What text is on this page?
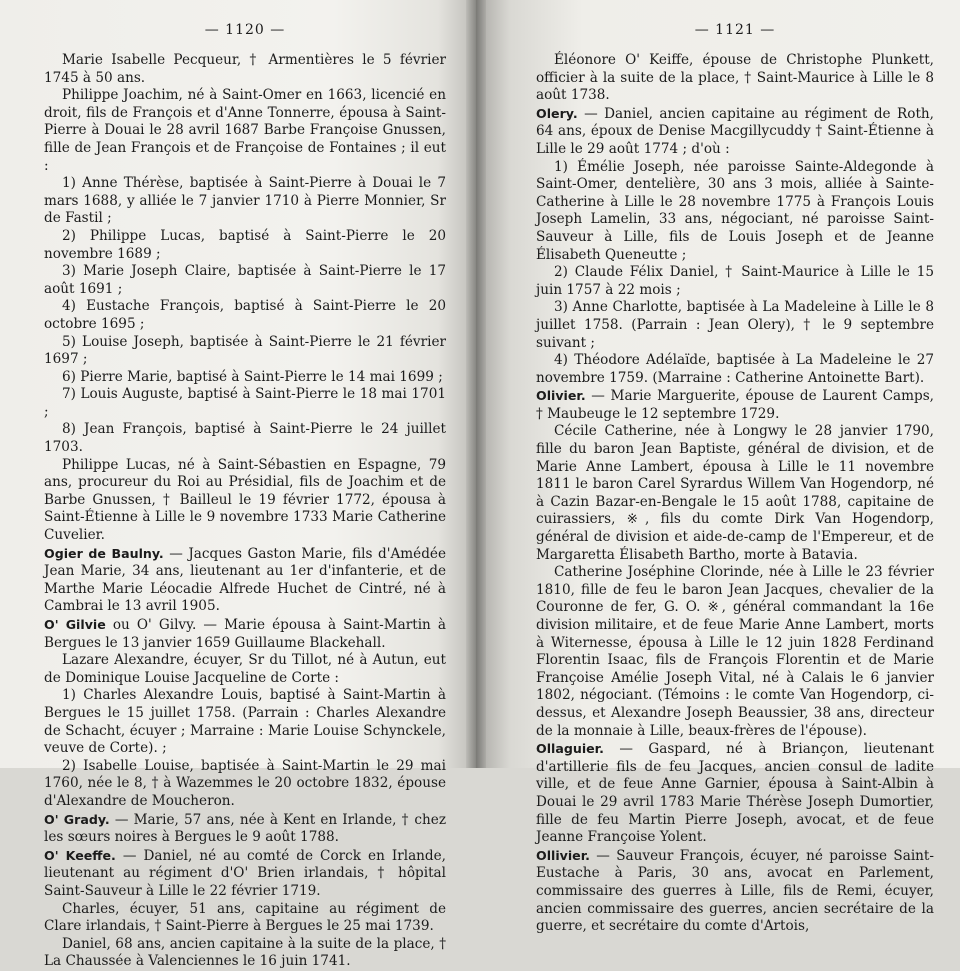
— 1120 —

Marie Isabelle Pecqueur, † Armentières le 5 février 1745 à 50 ans.

Philippe Joachim, né à Saint-Omer en 1663, licencié en droit, fils de François et d'Anne Tonnerre, épousa à Saint-Pierre à Douai le 28 avril 1687 Barbe Françoise Gnussen, fille de Jean François et de Françoise de Fontaines ; il eut :

1) Anne Thérèse, baptisée à Saint-Pierre à Douai le 7 mars 1688, y alliée le 7 janvier 1710 à Pierre Monnier, Sr de Fastil ;

2) Philippe Lucas, baptisé à Saint-Pierre le 20 novembre 1689 ;

3) Marie Joseph Claire, baptisée à Saint-Pierre le 17 août 1691 ;

4) Eustache François, baptisé à Saint-Pierre le 20 octobre 1695 ;

5) Louise Joseph, baptisée à Saint-Pierre le 21 février 1697 ;

6) Pierre Marie, baptisé à Saint-Pierre le 14 mai 1699 ;

7) Louis Auguste, baptisé à Saint-Pierre le 18 mai 1701 ;

8) Jean François, baptisé à Saint-Pierre le 24 juillet 1703.

Philippe Lucas, né à Saint-Sébastien en Espagne, 79 ans, procureur du Roi au Présidial, fils de Joachim et de Barbe Gnussen, † Bailleul le 19 février 1772, épousa à Saint-Étienne à Lille le 9 novembre 1733 Marie Catherine Cuvelier.

Ogier de Baulny. — Jacques Gaston Marie, fils d'Amédée Jean Marie, 34 ans, lieutenant au 1er d'infanterie, et de Marthe Marie Léocadie Alfrede Huchet de Cintré, né à Cambrai le 13 avril 1905.

O' Gilvie ou O' Gilvy. — Marie épousa à Saint-Martin à Bergues le 13 janvier 1659 Guillaume Blackehall.

Lazare Alexandre, écuyer, Sr du Tillot, né à Autun, eut de Dominique Louise Jacqueline de Corte :

1) Charles Alexandre Louis, baptisé à Saint-Martin à Bergues le 15 juillet 1758. (Parrain : Charles Alexandre de Schacht, écuyer ; Marraine : Marie Louise Schynckele, veuve de Corte). ;

2) Isabelle Louise, baptisée à Saint-Martin le 29 mai 1760, née le 8, † à Wazemmes le 20 octobre 1832, épouse d'Alexandre de Moucheron.

O' Grady. — Marie, 57 ans, née à Kent en Irlande, † chez les sœurs noires à Bergues le 9 août 1788.

O' Keeffe. — Daniel, né au comté de Corck en Irlande, lieutenant au régiment d'O' Brien irlandais, † hôpital Saint-Sauveur à Lille le 22 février 1719.

Charles, écuyer, 51 ans, capitaine au régiment de Clare irlandais, † Saint-Pierre à Bergues le 25 mai 1739.

Daniel, 68 ans, ancien capitaine à la suite de la place, † La Chaussée à Valenciennes le 16 juin 1741.

— 1121 —

Éléonore O' Keiffe, épouse de Christophe Plunkett, officier à la suite de la place, † Saint-Maurice à Lille le 8 août 1738.

Olery. — Daniel, ancien capitaine au régiment de Roth, 64 ans, époux de Denise Macgillycuddy † Saint-Étienne à Lille le 29 août 1774 ; d'où :

1) Émélie Joseph, née paroisse Sainte-Aldegonde à Saint-Omer, dentelière, 30 ans 3 mois, alliée à Sainte-Catherine à Lille le 28 novembre 1775 à François Louis Joseph Lamelin, 33 ans, négociant, né paroisse Saint-Sauveur à Lille, fils de Louis Joseph et de Jeanne Élisabeth Queneutte ;

2) Claude Félix Daniel, † Saint-Maurice à Lille le 15 juin 1757 à 22 mois ;

3) Anne Charlotte, baptisée à La Madeleine à Lille le 8 juillet 1758. (Parrain : Jean Olery), † le 9 septembre suivant ;

4) Théodore Adélaïde, baptisée à La Madeleine le 27 novembre 1759. (Marraine : Catherine Antoinette Bart).

Olivier. — Marie Marguerite, épouse de Laurent Camps, † Maubeuge le 12 septembre 1729.

Cécile Catherine, née à Longwy le 28 janvier 1790, fille du baron Jean Baptiste, général de division, et de Marie Anne Lambert, épousa à Lille le 11 novembre 1811 le baron Carel Syrardus Willem Van Hogendorp, né à Cazin Bazar-en-Bengale le 15 août 1788, capitaine de cuirassiers, ※, fils du comte Dirk Van Hogendorp, général de division et aide-de-camp de l'Empereur, et de Margaretta Élisabeth Bartho, morte à Batavia.

Catherine Joséphine Clorinde, née à Lille le 23 février 1810, fille de feu le baron Jean Jacques, chevalier de la Couronne de fer, G. O. ※, général commandant la 16e division militaire, et de feue Marie Anne Lambert, morts à Witernesse, épousa à Lille le 12 juin 1828 Ferdinand Florentin Isaac, fils de François Florentin et de Marie Françoise Amélie Joseph Vital, né à Calais le 6 janvier 1802, négociant. (Témoins : le comte Van Hogendorp, ci-dessus, et Alexandre Joseph Beaussier, 38 ans, directeur de la monnaie à Lille, beaux-frères de l'épouse).

Ollaguier. — Gaspard, né à Briançon, lieutenant d'artillerie fils de feu Jacques, ancien consul de ladite ville, et de feue Anne Garnier, épousa à Saint-Albin à Douai le 29 avril 1783 Marie Thérèse Joseph Dumortier, fille de feu Martin Pierre Joseph, avocat, et de feue Jeanne Françoise Yolent.

Ollivier. — Sauveur François, écuyer, né paroisse Saint-Eustache à Paris, 30 ans, avocat en Parlement, commissaire des guerres à Lille, fils de Remi, écuyer, ancien commissaire des guerres, ancien secrétaire de la guerre, et secrétaire du comte d'Artois,
